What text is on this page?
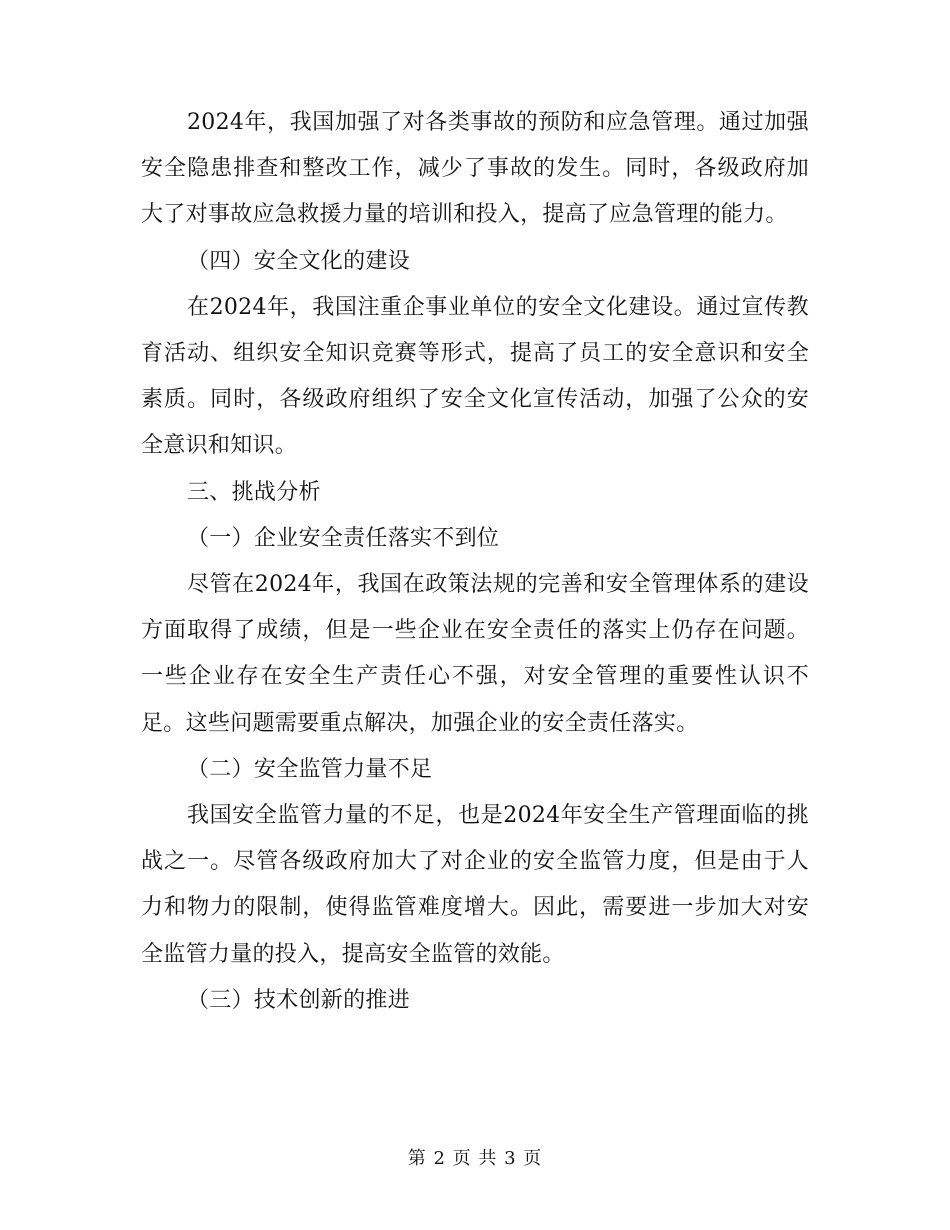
2024年，我国加强了对各类事故的预防和应急管理。通过加强安全隐患排查和整改工作，减少了事故的发生。同时，各级政府加大了对事故应急救援力量的培训和投入，提高了应急管理的能力。

（四）安全文化的建设

在2024年，我国注重企事业单位的安全文化建设。通过宣传教育活动、组织安全知识竞赛等形式，提高了员工的安全意识和安全素质。同时，各级政府组织了安全文化宣传活动，加强了公众的安全意识和知识。

三、挑战分析

（一）企业安全责任落实不到位

尽管在2024年，我国在政策法规的完善和安全管理体系的建设方面取得了成绩，但是一些企业在安全责任的落实上仍存在问题。一些企业存在安全生产责任心不强，对安全管理的重要性认识不足。这些问题需要重点解决，加强企业的安全责任落实。

（二）安全监管力量不足

我国安全监管力量的不足，也是2024年安全生产管理面临的挑战之一。尽管各级政府加大了对企业的安全监管力度，但是由于人力和物力的限制，使得监管难度增大。因此，需要进一步加大对安全监管力量的投入，提高安全监管的效能。

（三）技术创新的推进

第 2 页 共 3 页
